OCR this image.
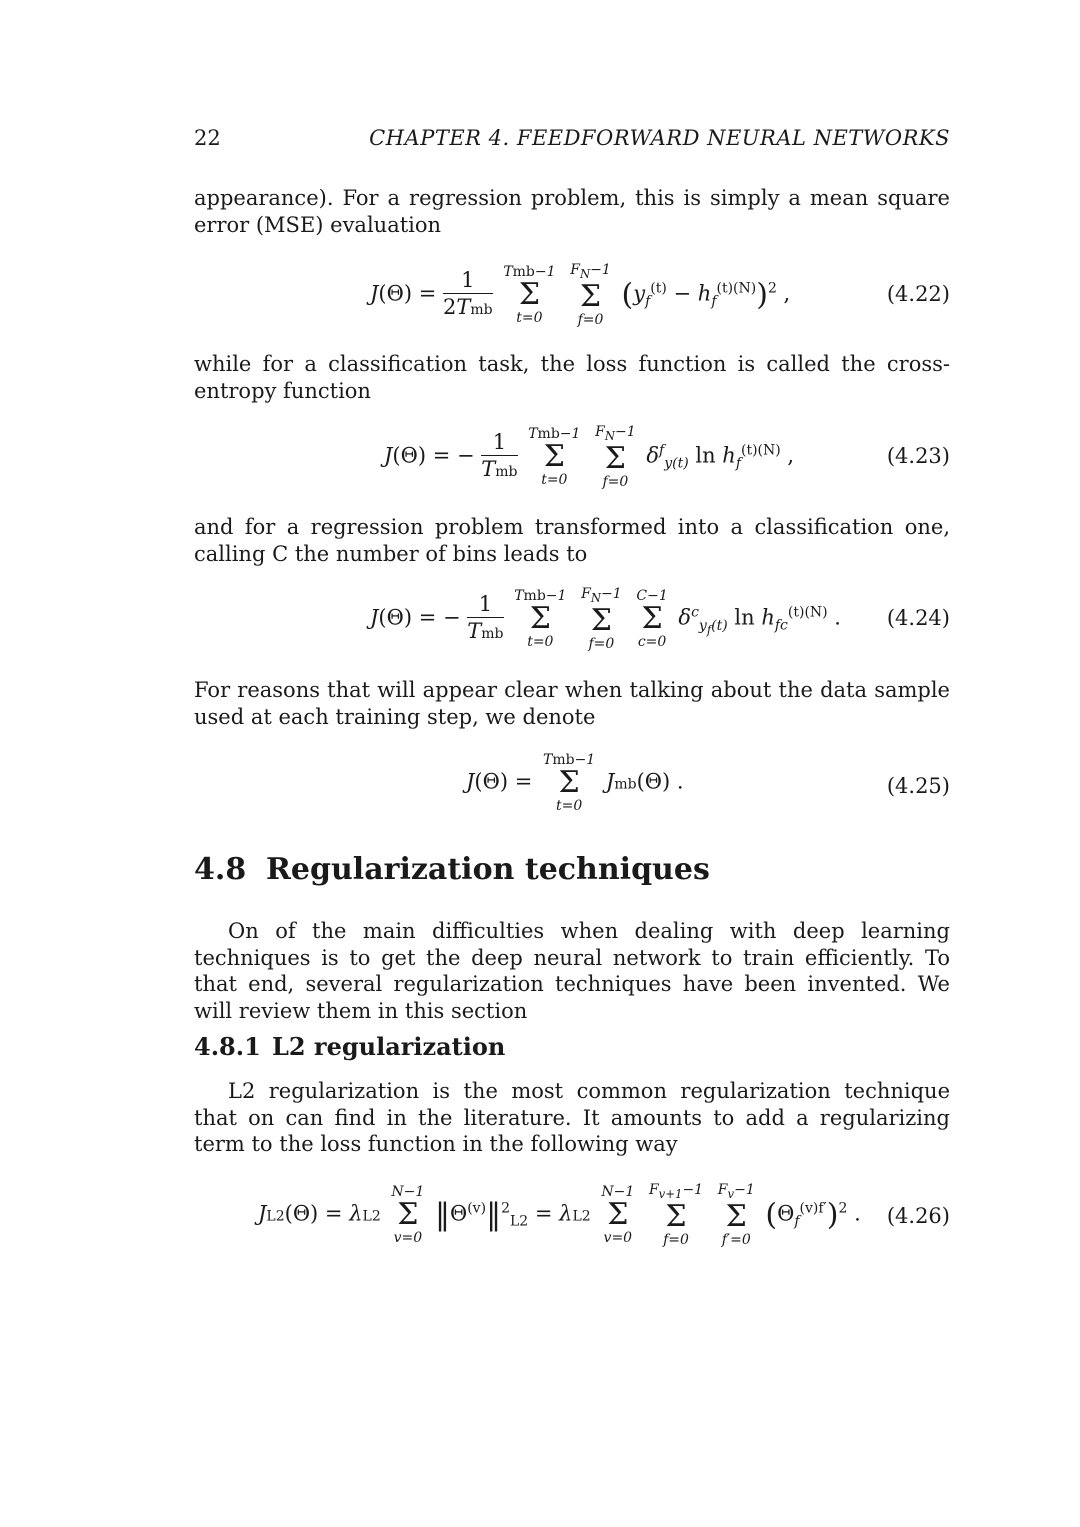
22	CHAPTER 4. FEEDFORWARD NEURAL NETWORKS

appearance). For a regression problem, this is simply a mean square error (MSE) evaluation

$J(\Theta) = \frac{1}{\text{2Tmb}}$
Tmb−1
Σ
t=0

$F_N-1$
Σ
f=0
$(y_f^{(t)} - h_f^{(t)(N)})^2$ ,	(4.22)

while for a classification task, the loss function is called the cross-entropy function

J(Θ) = − $\frac{1}{\text{Tmb}}$
Tmb−1
Σ
t=0

$F_N-1$
Σ
f=0
$\delta^f_{y(t)}$ $\ln h_f^{(t)(N)}$ ,	(4.23)

and for a regression problem transformed into a classification one, calling C the number of bins leads to

J(Θ) = − $\frac{1}{\text{Tmb}}$
Tmb−1
Σ
t=0

$F_N-1$
Σ
f=0

C−1
Σ
c=0
$\delta^c_{y_f(t)}$ $\ln h_{fc}^{(t)(N)}$ . (4.24)

For reasons that will appear clear when talking about the data sample used at each training step, we denote

J(Θ) =
Tmb−1
Σ
t=0
Jmb(Θ) .	(4.25)
4.8 Regularization techniques

On of the main difficulties when dealing with deep learning techniques is to get the deep neural network to train efficiently. To that end, several regularization techniques have been invented. We will review them in this section

4.8.1 L2 regularization

L2 regularization is the most common regularization technique that on can find in the literature. It amounts to add a regularizing term to the loss function in the following way

JL2(Θ) = λL2
N−1
Σ
v=0
$‖\Theta^{(v)}‖^2_{L2} = \lambda L2$
N−1
Σ
v=0

$F_{v+1}-1$
Σ
f=0

$F_v-1$
Σ
f′=0
$(\Theta_f^{(v)f'})^2$ . (4.26)
